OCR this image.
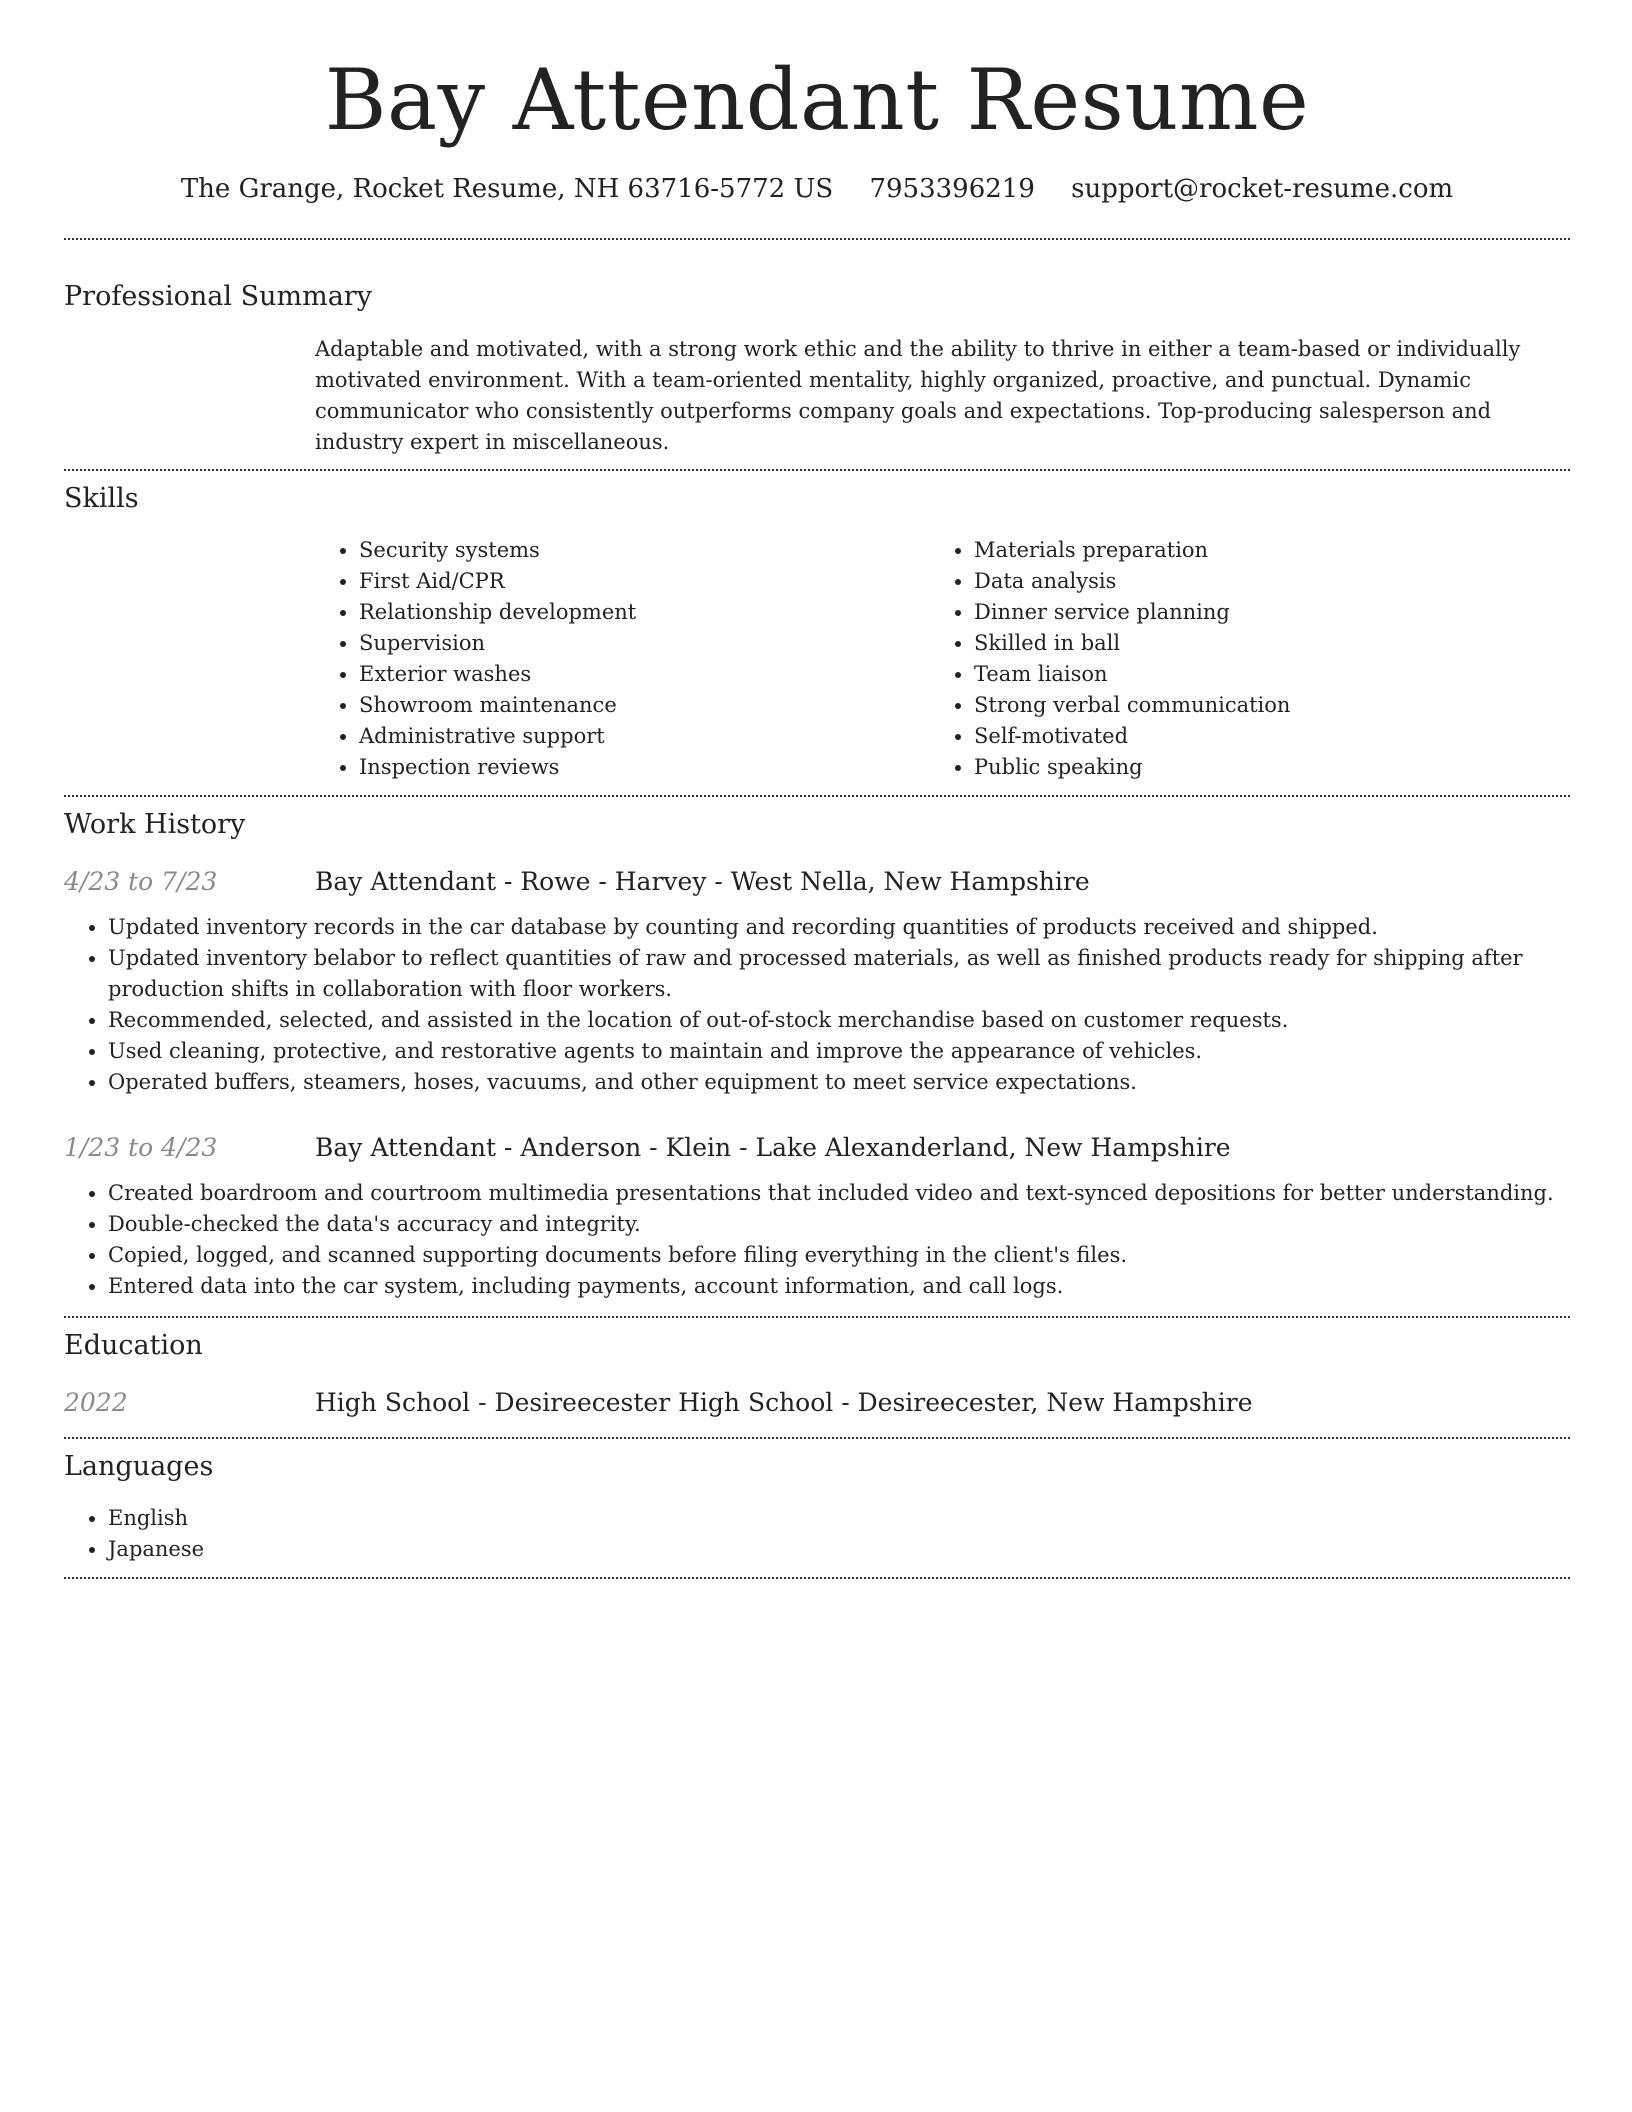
Bay Attendant Resume
The Grange, Rocket Resume, NH 63716-5772 US 7953396219 support@rocket-resume.com
Professional Summary

Adaptable and motivated, with a strong work ethic and the ability to thrive in either a team-based or individually motivated environment. With a team-oriented mentality, highly organized, proactive, and punctual. Dynamic communicator who consistently outperforms company goals and expectations. Top-producing salesperson and industry expert in miscellaneous.

Skills
• Security systems
• First Aid/CPR
• Relationship development
• Supervision
• Exterior washes
• Showroom maintenance
• Administrative support
• Inspection reviews
• Materials preparation
• Data analysis
• Dinner service planning
• Skilled in ball
• Team liaison
• Strong verbal communication
• Self-motivated
• Public speaking
Work History
4/23 to 7/23	Bay Attendant - Rowe - Harvey - West Nella, New Hampshire
• Updated inventory records in the car database by counting and recording quantities of products received and shipped.
• Updated inventory belabor to reflect quantities of raw and processed materials, as well as finished products ready for shipping after production shifts in collaboration with floor workers.
• Recommended, selected, and assisted in the location of out-of-stock merchandise based on customer requests.
• Used cleaning, protective, and restorative agents to maintain and improve the appearance of vehicles.
• Operated buffers, steamers, hoses, vacuums, and other equipment to meet service expectations.
1/23 to 4/23	Bay Attendant - Anderson - Klein - Lake Alexanderland, New Hampshire
• Created boardroom and courtroom multimedia presentations that included video and text-synced depositions for better understanding.
• Double-checked the data's accuracy and integrity.
• Copied, logged, and scanned supporting documents before filing everything in the client's files.
• Entered data into the car system, including payments, account information, and call logs.
Education
2022	High School - Desireecester High School - Desireecester, New Hampshire
Languages
• English
• Japanese
